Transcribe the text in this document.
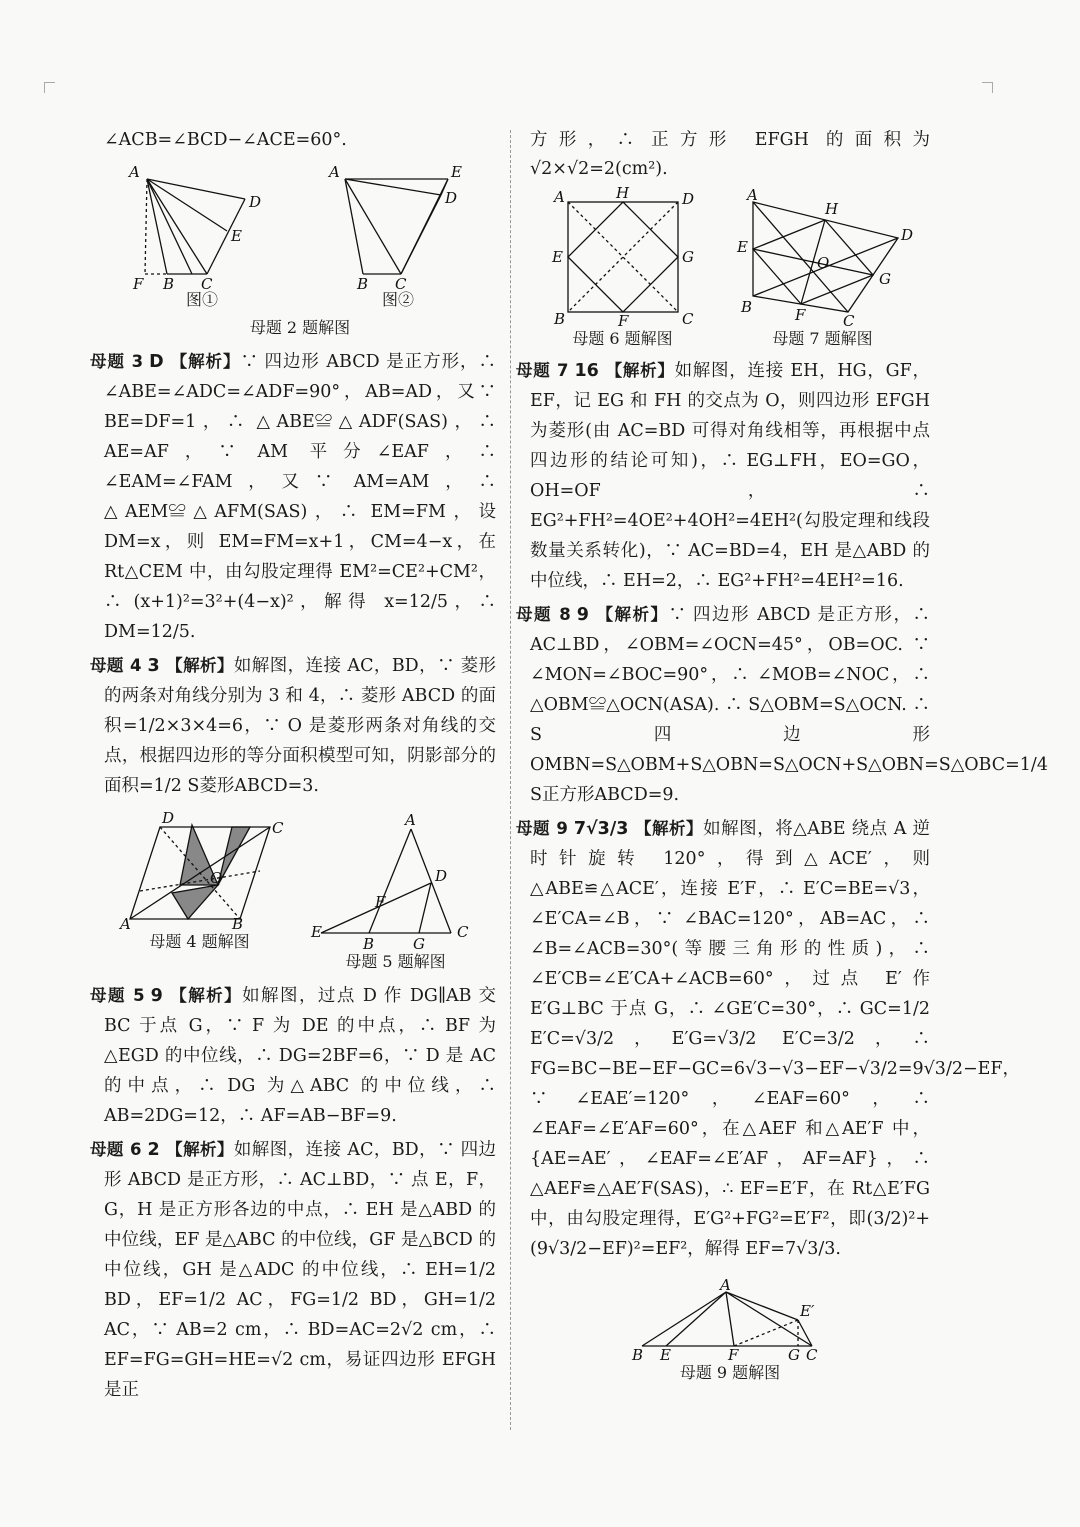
∠ACB=∠BCD−∠ACE=60°.

A
D
E
F B C
图①
A	E
D
B C
图②
母题 2 题解图

母题 3 D 【解析】∵ 四边形 ABCD 是正方形，∴ ∠ABE=∠ADC=∠ADF=90°，AB=AD，又∵ BE=DF=1，∴ △ABE≌△ADF(SAS)，∴ AE=AF，∵ AM 平分∠EAF，∴ ∠EAM=∠FAM，又∵ AM=AM，∴ △AEM≌△AFM(SAS)，∴ EM=FM，设 DM=x，则 EM=FM=x+1，CM=4−x，在 Rt△CEM 中，由勾股定理得 EM²=CE²+CM²，∴ (x+1)²=3²+(4−x)²，解得 x=12/5，∴ DM=12/5.

母题 4 3 【解析】如解图，连接 AC，BD，∵ 菱形的两条对角线分别为 3 和 4，∴ 菱形 ABCD 的面积=1/2×3×4=6，∵ O 是菱形两条对角线的交点，根据四边形的等分面积模型可知，阴影部分的面积=1/2 S菱形ABCD=3.

D
C
O
A	B
母题 4 题解图
A
D
F
E
B	G
C
母题 5 题解图

母题 5 9 【解析】如解图，过点 D 作 DG∥AB 交 BC 于点 G，∵ F 为 DE 的中点，∴ BF 为△EGD 的中位线，∴ DG=2BF=6，∵ D 是 AC 的中点，∴ DG 为△ABC 的中位线，∴ AB=2DG=12，∴ AF=AB−BF=9.

母题 6 2 【解析】如解图，连接 AC，BD，∵ 四边形 ABCD 是正方形，∴ AC⊥BD，∵ 点 E，F，G，H 是正方形各边的中点，∴ EH 是△ABD 的中位线，EF 是△ABC 的中位线，GF 是△BCD 的中位线，GH 是△ADC 的中位线，∴ EH=1/2 BD，EF=1/2 AC，FG=1/2 BD，GH=1/2 AC，∵ AB=2 cm，∴ BD=AC=2√2 cm，∴ EF=FG=GH=HE=√2 cm，易证四边形 EFGH 是正

方形，∴ 正方形 EFGH 的面积为√2×√2=2(cm²).

A	H	D
E	G
B	F	C
母题 6 题解图
A
H
D
E
O
G
B	F	C
母题 7 题解图

母题 7 16 【解析】如解图，连接 EH，HG，GF，EF，记 EG 和 FH 的交点为 O，则四边形 EFGH 为菱形(由 AC=BD 可得对角线相等，再根据中点四边形的结论可知)，∴ EG⊥FH，EO=GO，OH=OF，∴ EG²+FH²=4OE²+4OH²=4EH²(勾股定理和线段数量关系转化)，∵ AC=BD=4，EH 是△ABD 的中位线，∴ EH=2，∴ EG²+FH²=4EH²=16.

母题 8 9 【解析】∵ 四边形 ABCD 是正方形，∴ AC⊥BD，∠OBM=∠OCN=45°，OB=OC. ∵ ∠MON=∠BOC=90°，∴ ∠MOB=∠NOC，∴ △OBM≌△OCN(ASA). ∴ S△OBM=S△OCN. ∴ S四边形OMBN=S△OBM+S△OBN=S△OCN+S△OBN=S△OBC=1/4 S正方形ABCD=9.

母题 9 7√3/3 【解析】如解图，将△ABE 绕点 A 逆时针旋转 120°，得到△ACE′，则△ABE≌△ACE′，连接 E′F，∴ E′C=BE=√3，∠E′CA=∠B，∵ ∠BAC=120°，AB=AC，∴ ∠B=∠ACB=30°(等腰三角形的性质)，∴ ∠E′CB=∠E′CA+∠ACB=60°，过点 E′作 E′G⊥BC 于点 G，∴ ∠GE′C=30°，∴ GC=1/2 E′C=√3/2，E′G=√3/2 E′C=3/2，∴ FG=BC−BE−EF−GC=6√3−√3−EF−√3/2=9√3/2−EF，∵ ∠EAE′=120°，∠EAF=60°，∴ ∠EAF=∠E′AF=60°，在△AEF 和△AE′F 中，{AE=AE′，∠EAF=∠E′AF，AF=AF}，∴ △AEF≌△AE′F(SAS)，∴ EF=E′F，在 Rt△E′FG 中，由勾股定理得，E′G²+FG²=E′F²，即(3/2)²+(9√3/2−EF)²=EF²，解得 EF=7√3/3.

A
E′
B E	F	G C
母题 9 题解图
